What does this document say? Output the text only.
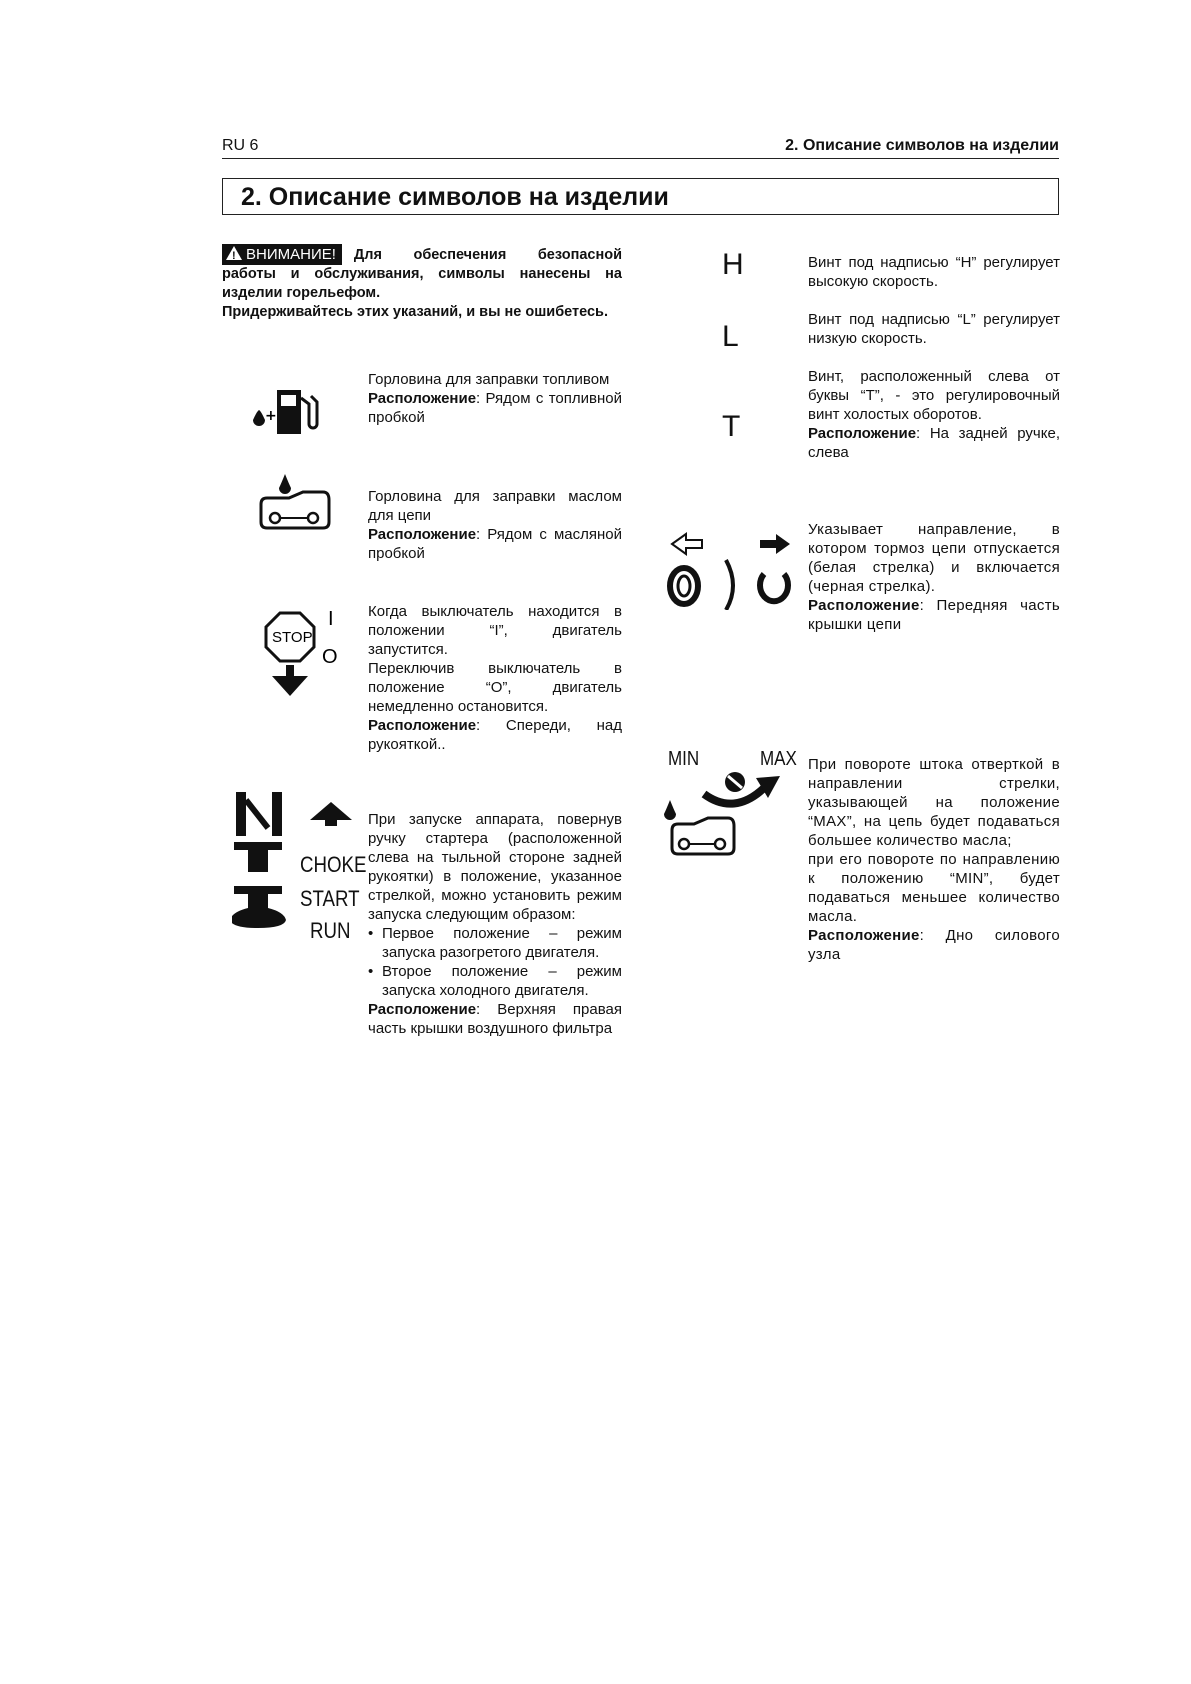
RU 6	2. Описание символов на изделии
2. Описание символов на изделии
!ВНИМАНИЕ! Для обеспечения безопасной работы и обслуживания, символы нанесены на изделии горельефом.
Придерживайтесь этих указаний, и вы не ошибетесь.
+
Горловина для заправки топливом
Расположение: Рядом с топливной пробкой
Горловина для заправки маслом для цепи
Расположение: Рядом с масляной пробкой
STOP
I
O
Когда выключатель находится в положении “I”, двигатель запустится.
Переключив выключатель в положение “O”, двигатель немедленно остановится.
Расположение: Спереди, над рукояткой..
CHOKE
START
RUN
При запуске аппарата, повернув ручку стартера (расположенной слева на тыльной стороне задней рукоятки) в положение, указанное стрелкой, можно установить режим запуска следующим образом:
• Первое положение – режим запуска разогретого двигателя.
• Второе положение – режим запуска холодного двигателя.
Расположение: Верхняя правая часть крышки воздушного фильтра
H	Винт под надписью “H” регулирует высокую скорость.
L
Винт под надписью “L” регулирует низкую скорость.
T
Винт, расположенный слева от буквы “T”, - это регулировочный винт холостых оборотов.
Расположение: На задней ручке, слева
Указывает направление, в котором тормоз цепи отпускается (белая стрелка) и включается (черная стрелка).
Расположение: Передняя часть крышки цепи
MIN	MAX При повороте штока отверткой в направлении стрелки, указывающей на положение “MAX”, на цепь будет подаваться большее количество масла;
при его повороте по направлению к положению “MIN”, будет подаваться меньшее количество масла.
Расположение: Дно силового узла
